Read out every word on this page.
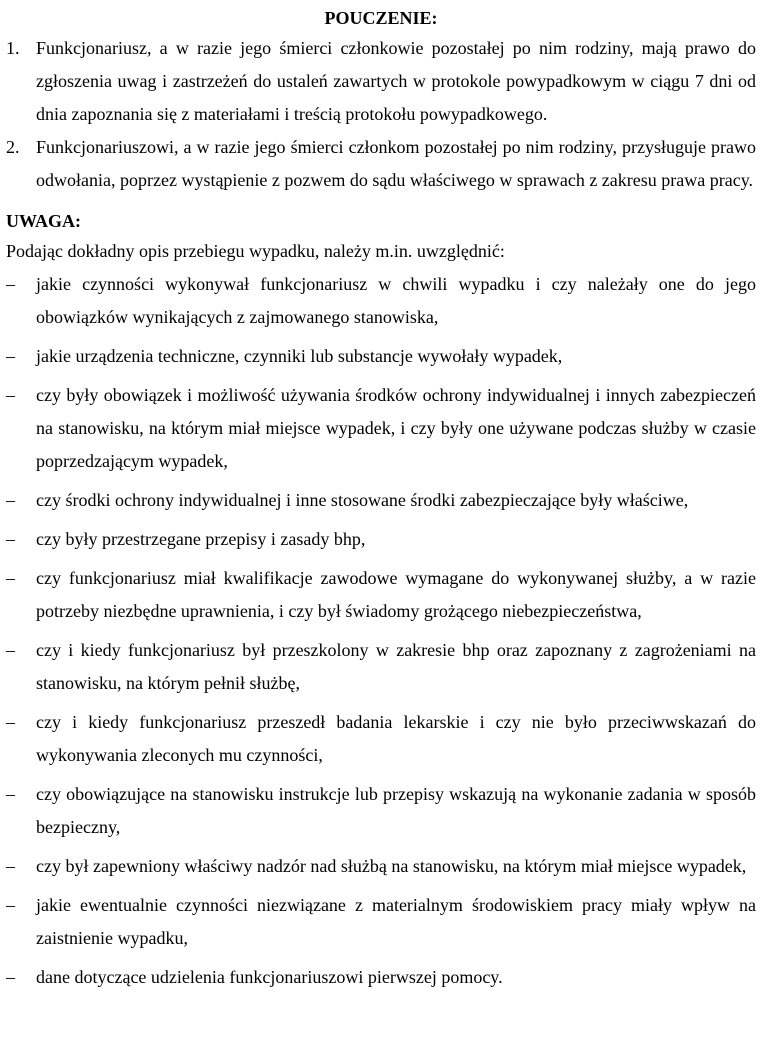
POUCZENIE:
1. Funkcjonariusz, a w razie jego śmierci członkowie pozostałej po nim rodziny, mają prawo do zgłoszenia uwag i zastrzeżeń do ustaleń zawartych w protokole powypadkowym w ciągu 7 dni od dnia zapoznania się z materiałami i treścią protokołu powypadkowego.
2. Funkcjonariuszowi, a w razie jego śmierci członkom pozostałej po nim rodziny, przysługuje prawo odwołania, poprzez wystąpienie z pozwem do sądu właściwego w sprawach z zakresu prawa pracy.
UWAGA:

Podając dokładny opis przebiegu wypadku, należy m.in. uwzględnić:

– jakie czynności wykonywał funkcjonariusz w chwili wypadku i czy należały one do jego obowiązków wynikających z zajmowanego stanowiska,
– jakie urządzenia techniczne, czynniki lub substancje wywołały wypadek,
– czy były obowiązek i możliwość używania środków ochrony indywidualnej i innych zabezpieczeń na stanowisku, na którym miał miejsce wypadek, i czy były one używane podczas służby w czasie poprzedzającym wypadek,
– czy środki ochrony indywidualnej i inne stosowane środki zabezpieczające były właściwe,
– czy były przestrzegane przepisy i zasady bhp,
– czy funkcjonariusz miał kwalifikacje zawodowe wymagane do wykonywanej służby, a w razie potrzeby niezbędne uprawnienia, i czy był świadomy grożącego niebezpieczeństwa,
– czy i kiedy funkcjonariusz był przeszkolony w zakresie bhp oraz zapoznany z zagrożeniami na stanowisku, na którym pełnił służbę,
– czy i kiedy funkcjonariusz przeszedł badania lekarskie i czy nie było przeciwwskazań do wykonywania zleconych mu czynności,
– czy obowiązujące na stanowisku instrukcje lub przepisy wskazują na wykonanie zadania w sposób bezpieczny,
– czy był zapewniony właściwy nadzór nad służbą na stanowisku, na którym miał miejsce wypadek,
– jakie ewentualnie czynności niezwiązane z materialnym środowiskiem pracy miały wpływ na zaistnienie wypadku,
– dane dotyczące udzielenia funkcjonariuszowi pierwszej pomocy.
